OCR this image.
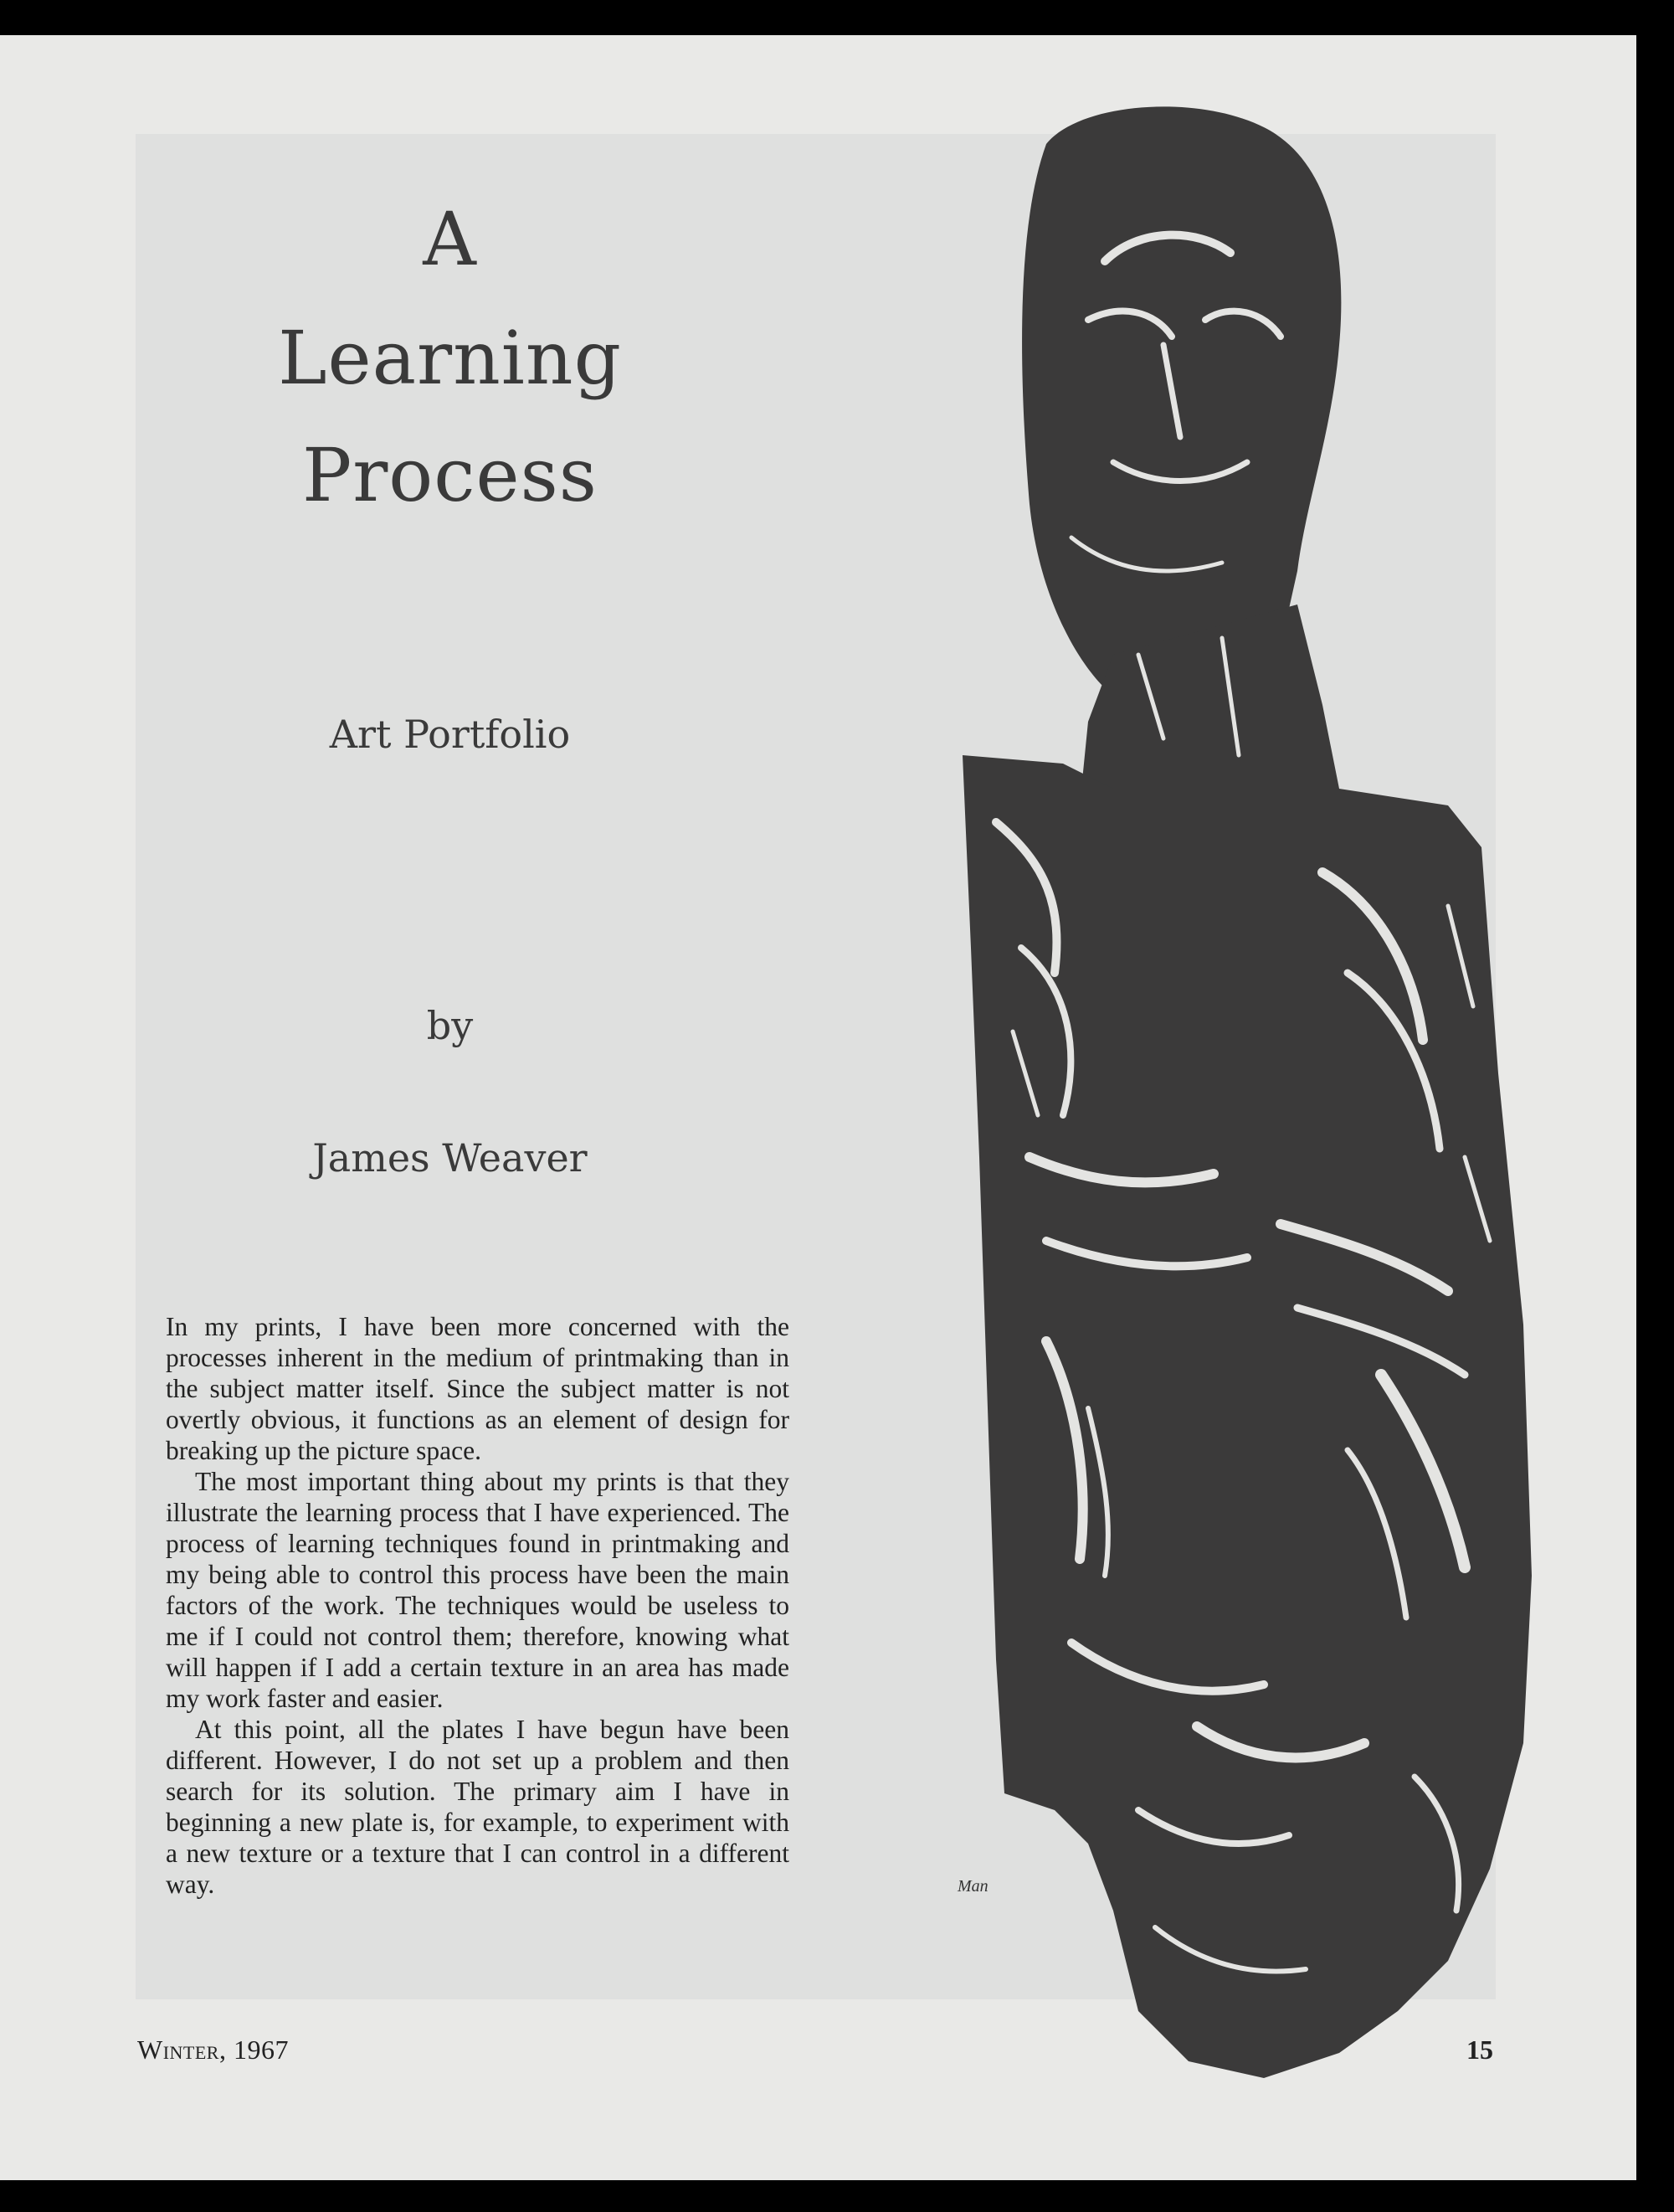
A
Learning
Process
Art Portfolio
by
James Weaver

In my prints, I have been more concerned with the processes inherent in the medium of printmaking than in the subject matter itself. Since the subject matter is not overtly obvious, it functions as an element of design for breaking up the picture space.

The most important thing about my prints is that they illustrate the learning process that I have experienced. The process of learning techniques found in printmaking and my being able to control this process have been the main factors of the work. The techniques would be useless to me if I could not control them; therefore, knowing what will happen if I add a certain texture in an area has made my work faster and easier.

At this point, all the plates I have begun have been different. However, I do not set up a problem and then search for its solution. The primary aim I have in beginning a new plate is, for example, to experiment with a new texture or a texture that I can control in a different way.	Man
Winter, 1967	15
